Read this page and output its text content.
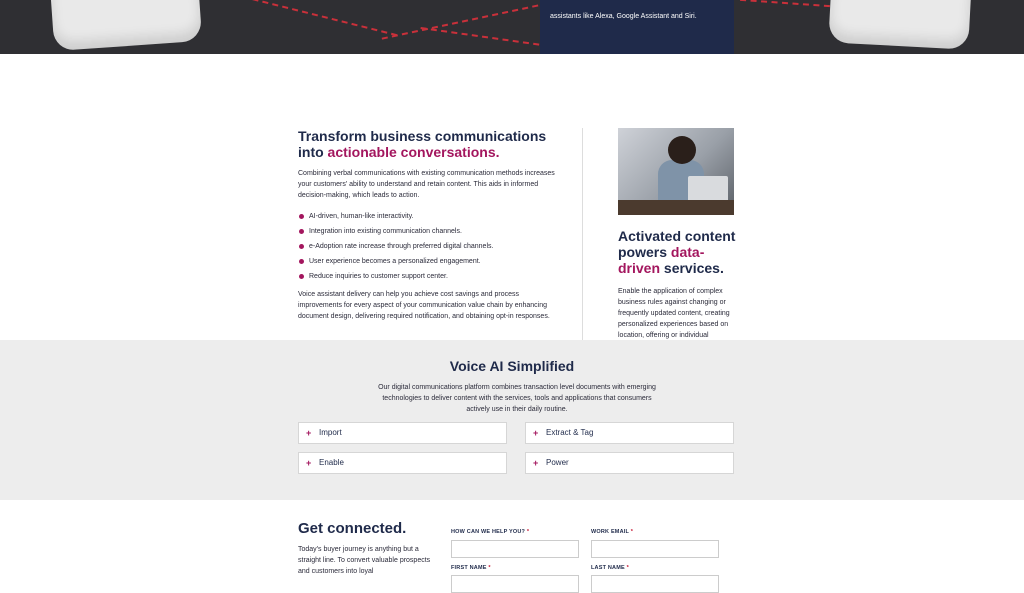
assistants like Alexa, Google Assistant and Siri.
Transform business communications into actionable conversations.

Combining verbal communications with existing communication methods increases your customers' ability to understand and retain content. This aids in informed decision-making, which leads to action.

AI-driven, human-like interactivity.
Integration into existing communication channels.
e-Adoption rate increase through preferred digital channels.
User experience becomes a personalized engagement.
Reduce inquiries to customer support center.

Voice assistant delivery can help you achieve cost savings and process improvements for every aspect of your communication value chain by enhancing document design, delivering required notification, and obtaining opt-in responses.

Activated content powers data-driven services.

Enable the application of complex business rules against changing or frequently updated content, creating personalized experiences based on location, offering or individual

Voice AI Simplified

Our digital communications platform combines transaction level documents with emerging technologies to deliver content with the services, tools and applications that consumers actively use in their daily routine.

+ Import	+ Extract & Tag
+ Enable	+ Power
Get connected.

Today's buyer journey is anything but a straight line. To convert valuable prospects and customers into loyal

HOW CAN WE HELP YOU? *	WORK EMAIL *
FIRST NAME *	LAST NAME *
